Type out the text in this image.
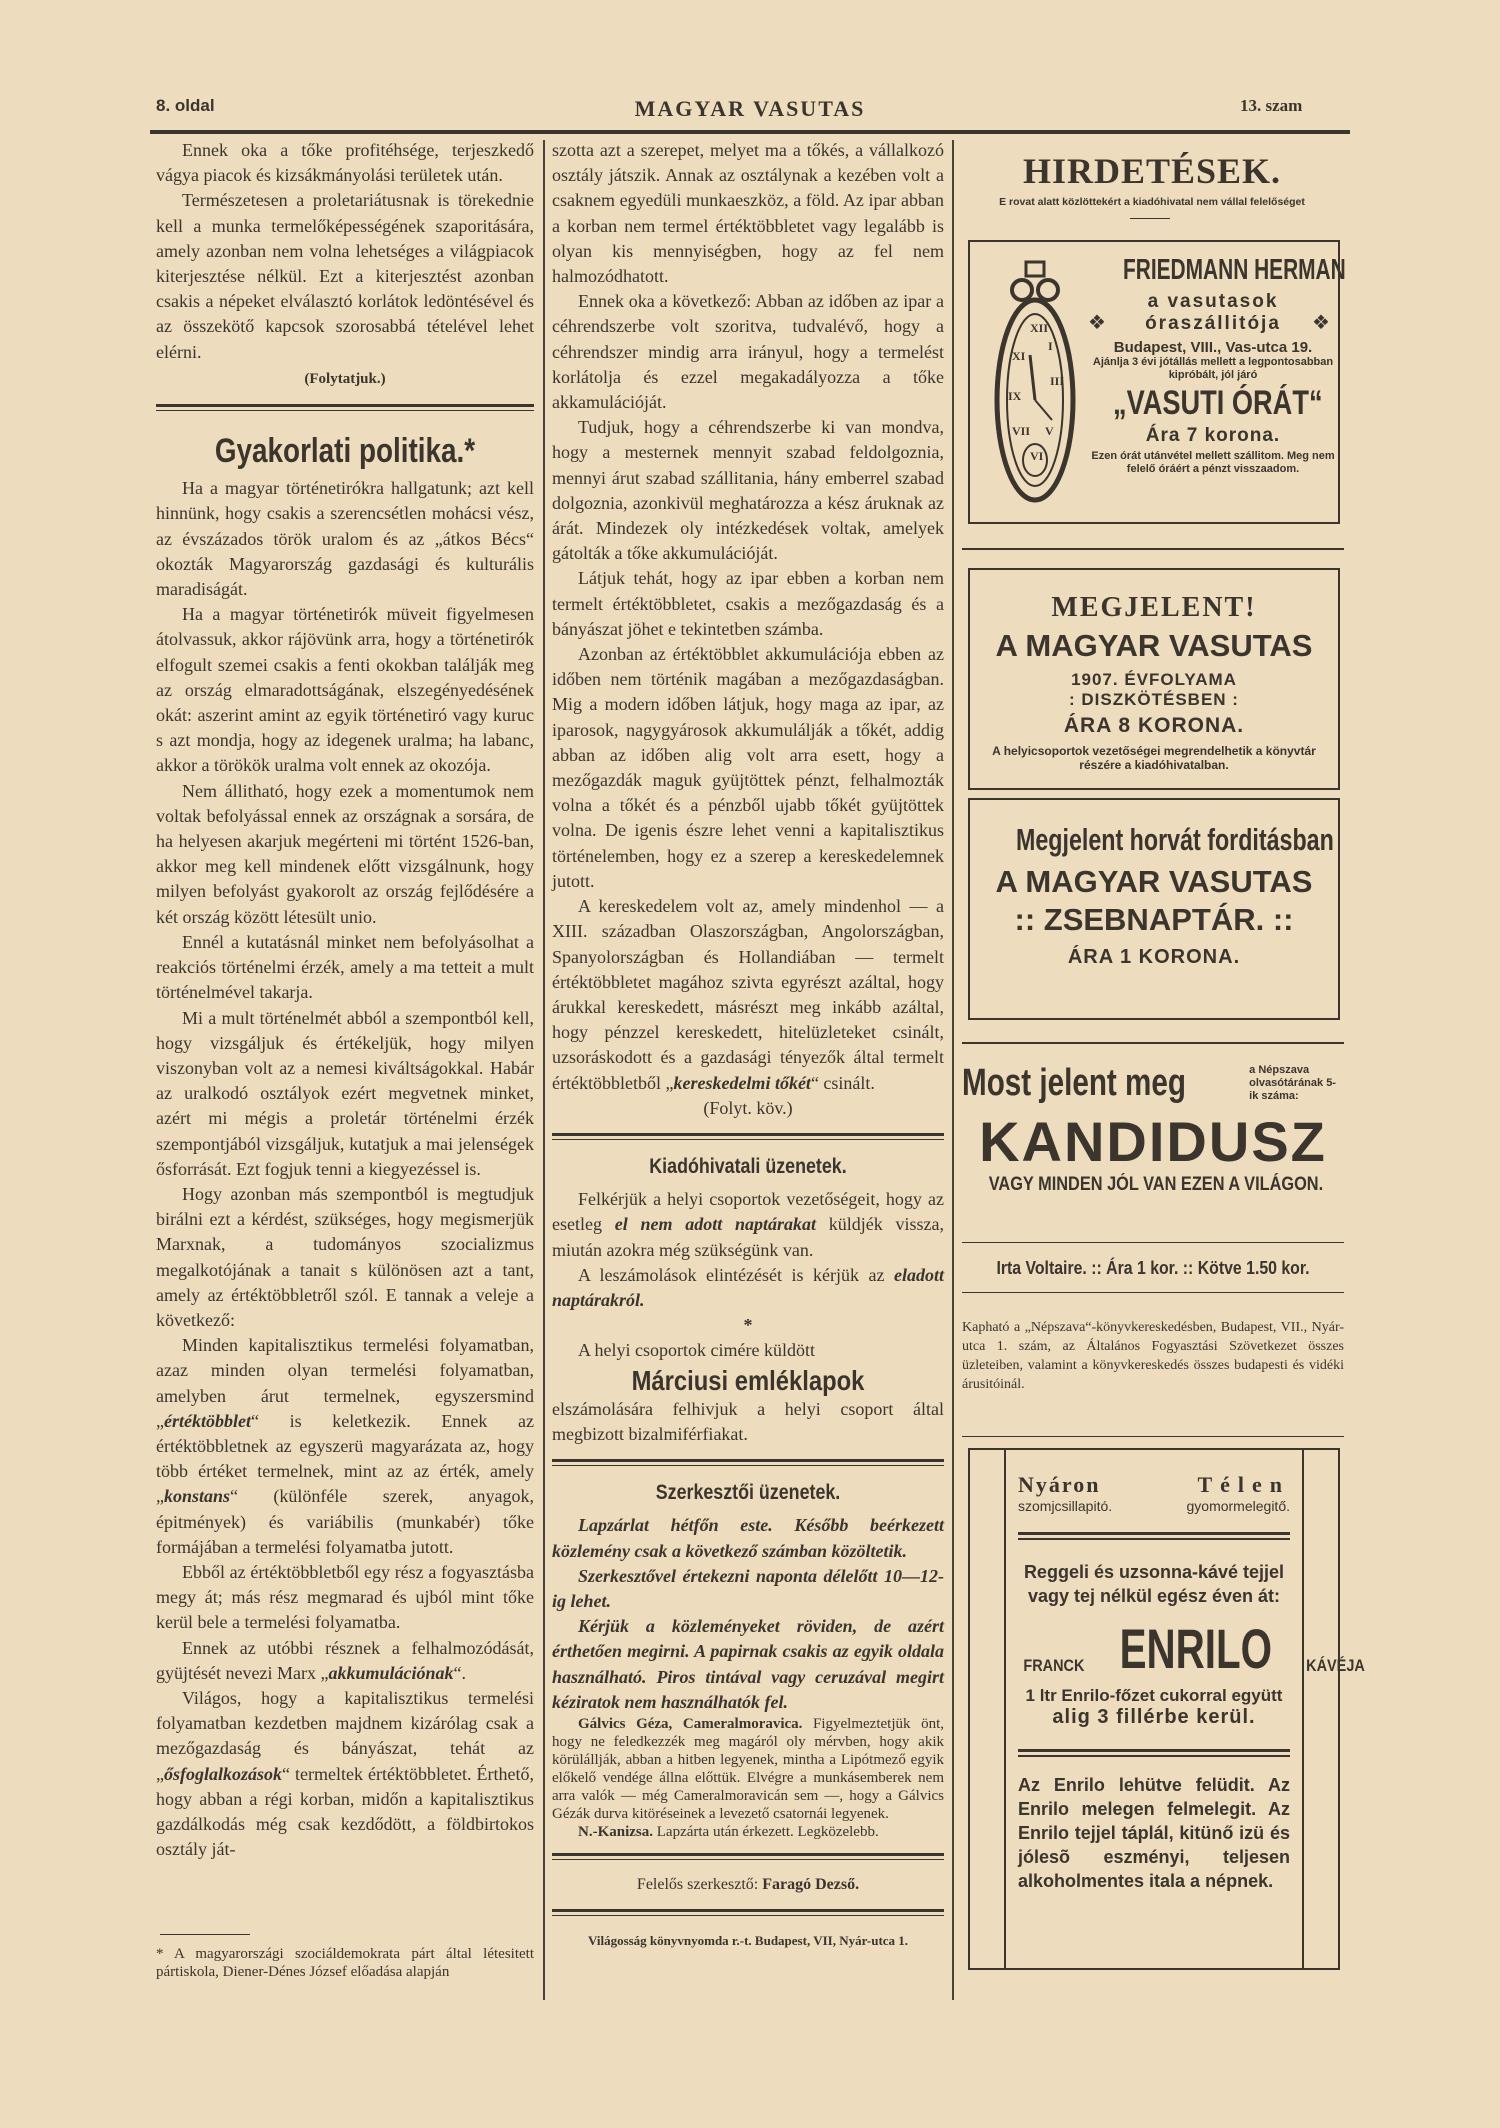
8. oldal	MAGYAR VASUTAS	13. szam

Ennek oka a tőke profitéhsége, terjeszkedő vágya piacok és kizsákmányolási területek után.

Természetesen a proletariátusnak is törekednie kell a munka termelőképességének szaporitására, amely azonban nem volna lehetséges a világpiacok kiterjesztése nélkül. Ezt a kiterjesztést azonban csakis a népeket elválasztó korlátok ledöntésével és az összekötő kapcsok szorosabbá tételével lehet elérni.

(Folytatjuk.)

Gyakorlati politika.*

Ha a magyar történetirókra hallgatunk; azt kell hinnünk, hogy csakis a szerencsétlen mohácsi vész, az évszázados török uralom és az „átkos Bécs“ okozták Magyarország gazdasági és kulturális maradiságát.

Ha a magyar történetirók müveit figyelmesen átolvassuk, akkor rájövünk arra, hogy a történetirók elfogult szemei csakis a fenti okokban találják meg az ország elmaradottságának, elszegényedésének okát: aszerint amint az egyik történetiró vagy kuruc s azt mondja, hogy az idegenek uralma; ha labanc, akkor a törökök uralma volt ennek az okozója.

Nem állitható, hogy ezek a momentumok nem voltak befolyással ennek az országnak a sorsára, de ha helyesen akarjuk megérteni mi történt 1526-ban, akkor meg kell mindenek előtt vizsgálnunk, hogy milyen befolyást gyakorolt az ország fejlődésére a két ország között létesült unio.

Ennél a kutatásnál minket nem befolyásolhat a reakciós történelmi érzék, amely a ma tetteit a mult történelmével takarja.

Mi a mult történelmét abból a szempontból kell, hogy vizsgáljuk és értékeljük, hogy milyen viszonyban volt az a nemesi kiváltságokkal. Habár az uralkodó osztályok ezért megvetnek minket, azért mi mégis a proletár történelmi érzék szempontjából vizsgáljuk, kutatjuk a mai jelenségek ősforrását. Ezt fogjuk tenni a kiegyezéssel is.

Hogy azonban más szempontból is megtudjuk birálni ezt a kérdést, szükséges, hogy megismerjük Marxnak, a tudományos szocializmus megalkotójának a tanait s különösen azt a tant, amely az értéktöbbletről szól. E tannak a veleje a következő:

Minden kapitalisztikus termelési folyamatban, azaz minden olyan termelési folyamatban, amelyben árut termelnek, egyszersmind „értéktöbblet“ is keletkezik. Ennek az értéktöbbletnek az egyszerü magyarázata az, hogy több értéket termelnek, mint az az érték, amely „konstans“ (különféle szerek, anyagok, épitmények) és variábilis (munkabér) tőke formájában a termelési folyamatba jutott.

Ebből az értéktöbbletből egy rész a fogyasztásba megy át; más rész megmarad és ujból mint tőke kerül bele a termelési folyamatba.

Ennek az utóbbi résznek a felhalmozódását, gyüjtését nevezi Marx „akkumulációnak“.

Világos, hogy a kapitalisztikus termelési folyamatban kezdetben majdnem kizárólag csak a mezőgazdaság és bányászat, tehát az „ősfoglalkozások“ termeltek értéktöbbletet. Érthető, hogy abban a régi korban, midőn a kapitalisztikus gazdálkodás még csak kezdődött, a földbirtokos osztály ját-

* A magyarországi szociáldemokrata párt által létesitett pártiskola, Diener-Dénes József előadása alapján

szotta azt a szerepet, melyet ma a tőkés, a vállalkozó osztály játszik. Annak az osztálynak a kezében volt a csaknem egyedüli munkaeszköz, a föld. Az ipar abban a korban nem termel értéktöbbletet vagy legalább is olyan kis mennyiségben, hogy az fel nem halmozódhatott.

Ennek oka a következő: Abban az időben az ipar a céhrendszerbe volt szoritva, tudvalévő, hogy a céhrendszer mindig arra irányul, hogy a termelést korlátolja és ezzel megakadályozza a tőke akkamulációját.

Tudjuk, hogy a céhrendszerbe ki van mondva, hogy a mesternek mennyit szabad feldolgoznia, mennyi árut szabad szállitania, hány emberrel szabad dolgoznia, azonkivül meghatározza a kész áruknak az árát. Mindezek oly intézkedések voltak, amelyek gátolták a tőke akkumulációját.

Látjuk tehát, hogy az ipar ebben a korban nem termelt értéktöbbletet, csakis a mezőgazdaság és a bányászat jöhet e tekintetben számba.

Azonban az értéktöbblet akkumulációja ebben az időben nem történik magában a mezőgazdaságban. Mig a modern időben látjuk, hogy maga az ipar, az iparosok, nagygyárosok akkumulálják a tőkét, addig abban az időben alig volt arra esett, hogy a mezőgazdák maguk gyüjtöttek pénzt, felhalmozták volna a tőkét és a pénzből ujabb tőkét gyüjtöttek volna. De igenis észre lehet venni a kapitalisztikus történelemben, hogy ez a szerep a kereskedelemnek jutott.

A kereskedelem volt az, amely mindenhol — a XIII. században Olaszországban, Angolországban, Spanyolországban és Hollandiában — termelt értéktöbbletet magához szivta egyrészt azáltal, hogy árukkal kereskedett, másrészt meg inkább azáltal, hogy pénzzel kereskedett, hitelüzleteket csinált, uzsoráskodott és a gazdasági tényezők által termelt értéktöbbletből „kereskedelmi tőkét“ csinált.

(Folyt. köv.)

Kiadóhivatali üzenetek.

Felkérjük a helyi csoportok vezetőségeit, hogy az esetleg el nem adott naptárakat küldjék vissza, miután azokra még szükségünk van.

A leszámolások elintézését is kérjük az eladott naptárakról.

*

A helyi csoportok cimére küldött

Márciusi emléklapok

elszámolására felhivjuk a helyi csoport által megbizott bizalmiférfiakat.

Szerkesztői üzenetek.

Lapzárlat hétfőn este. Később beérkezett közlemény csak a következő számban közöltetik.

Szerkesztővel értekezni naponta délelőtt 10—12-ig lehet.

Kérjük a közleményeket röviden, de azért érthetően megirni. A papirnak csakis az egyik oldala használható. Piros tintával vagy ceruzával megirt kéziratok nem használhatók fel.

Gálvics Géza, Cameralmoravica. Figyelmeztetjük önt, hogy ne feledkezzék meg magáról oly mérvben, hogy akik körülállják, abban a hitben legyenek, mintha a Lipótmező egyik előkelő vendége állna előttük. Elvégre a munkásemberek nem arra valók — még Cameralmoravicán sem —, hogy a Gálvics Gézák durva kitöréseinek a levezető csatornái legyenek.

N.-Kanizsa. Lapzárta után érkezett. Legközelebb.

Felelős szerkesztő: Faragó Dezső.

Világosság könyvnyomda r.-t. Budapest, VII, Nyár-utca 1.

HIRDETÉSEK.
E rovat alatt közlöttekért a kiadóhivatal nem vállal felelőséget
XII
I
III
V
VI
VII
IX
XI
FRIEDMANN HERMAN
a vasutasok
óraszállitója
Budapest, VIII., Vas-utca 19.
Ajánlja 3 évi jótállás mellett a legpontosabban kipróbált, jól járó
„VASUTI ÓRÁT“
Ára 7 korona.
Ezen órát utánvétel mellett szállitom. Meg nem felelő óráért a pénzt visszaadom.
❖	❖
MEGJELENT!
A MAGYAR VASUTAS
1907. ÉVFOLYAMA
: DISZKÖTÉSBEN :
ÁRA 8 KORONA.
A helyicsoportok vezetőségei megrendelhetik a könyvtár részére a kiadóhivatalban.
Megjelent horvát forditásban
A MAGYAR VASUTAS
:: ZSEBNAPTÁR. ::
ÁRA 1 KORONA.
Most jelent meg	a Népszava olvasótárának 5-ik száma:
KANDIDUSZ
VAGY MINDEN JÓL VAN EZEN A VILÁGON.
Irta Voltaire. :: Ára 1 kor. :: Kötve 1.50 kor.
Kapható a „Népszava“-könyvkereskedésben, Budapest, VII., Nyár-utca 1. szám, az Általános Fogyasztási Szövetkezet összes üzleteiben, valamint a könyvkereskedés összes budapesti és vidéki árusitóinál.
Nyáron	Télen
szomjcsillapitó.	gyomormelegitő.
Reggeli és uzsonna-kávé tejjel vagy tej nélkül egész éven át:
FRANCK ENRILO KÁVÉJA
1 ltr Enrilo-főzet cukorral együtt
alig 3 fillérbe kerül.
Az Enrilo lehütve felüdit. Az Enrilo melegen felmelegit. Az Enrilo tejjel táplál, kitünő izü és jólesõ eszményi, teljesen alkoholmentes itala a népnek.
